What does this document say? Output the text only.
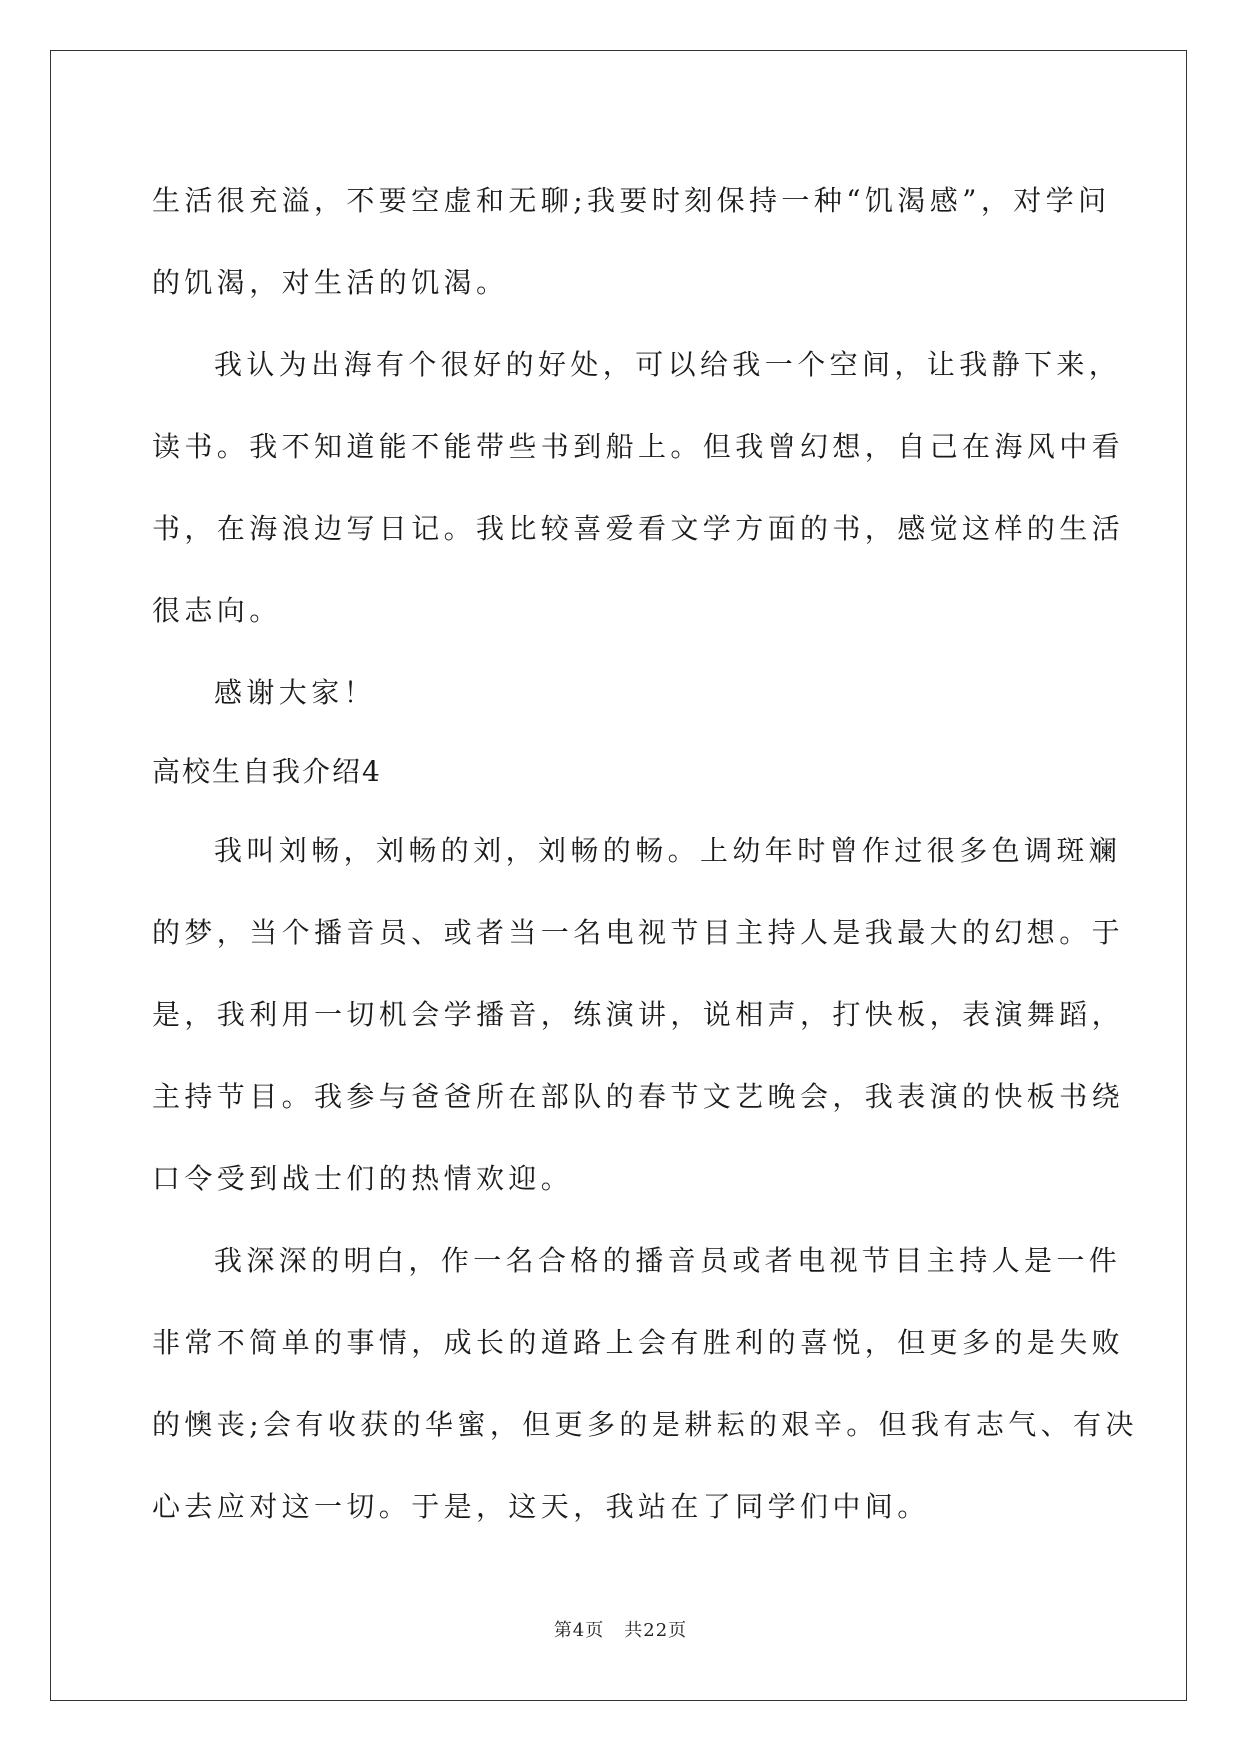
生活很充溢，不要空虚和无聊;我要时刻保持一种“饥渴感”，对学问
的饥渴，对生活的饥渴。
我认为出海有个很好的好处，可以给我一个空间，让我静下来，
读书。我不知道能不能带些书到船上。但我曾幻想，自己在海风中看
书，在海浪边写日记。我比较喜爱看文学方面的书，感觉这样的生活
很志向。
感谢大家！
高校生自我介绍4
我叫刘畅，刘畅的刘，刘畅的畅。上幼年时曾作过很多色调斑斓
的梦，当个播音员、或者当一名电视节目主持人是我最大的幻想。于
是，我利用一切机会学播音，练演讲，说相声，打快板，表演舞蹈，
主持节目。我参与爸爸所在部队的春节文艺晚会，我表演的快板书绕
口令受到战士们的热情欢迎。
我深深的明白，作一名合格的播音员或者电视节目主持人是一件
非常不简单的事情，成长的道路上会有胜利的喜悦，但更多的是失败
的懊丧;会有收获的华蜜，但更多的是耕耘的艰辛。但我有志气、有决
心去应对这一切。于是，这天，我站在了同学们中间。
第4页 共22页
